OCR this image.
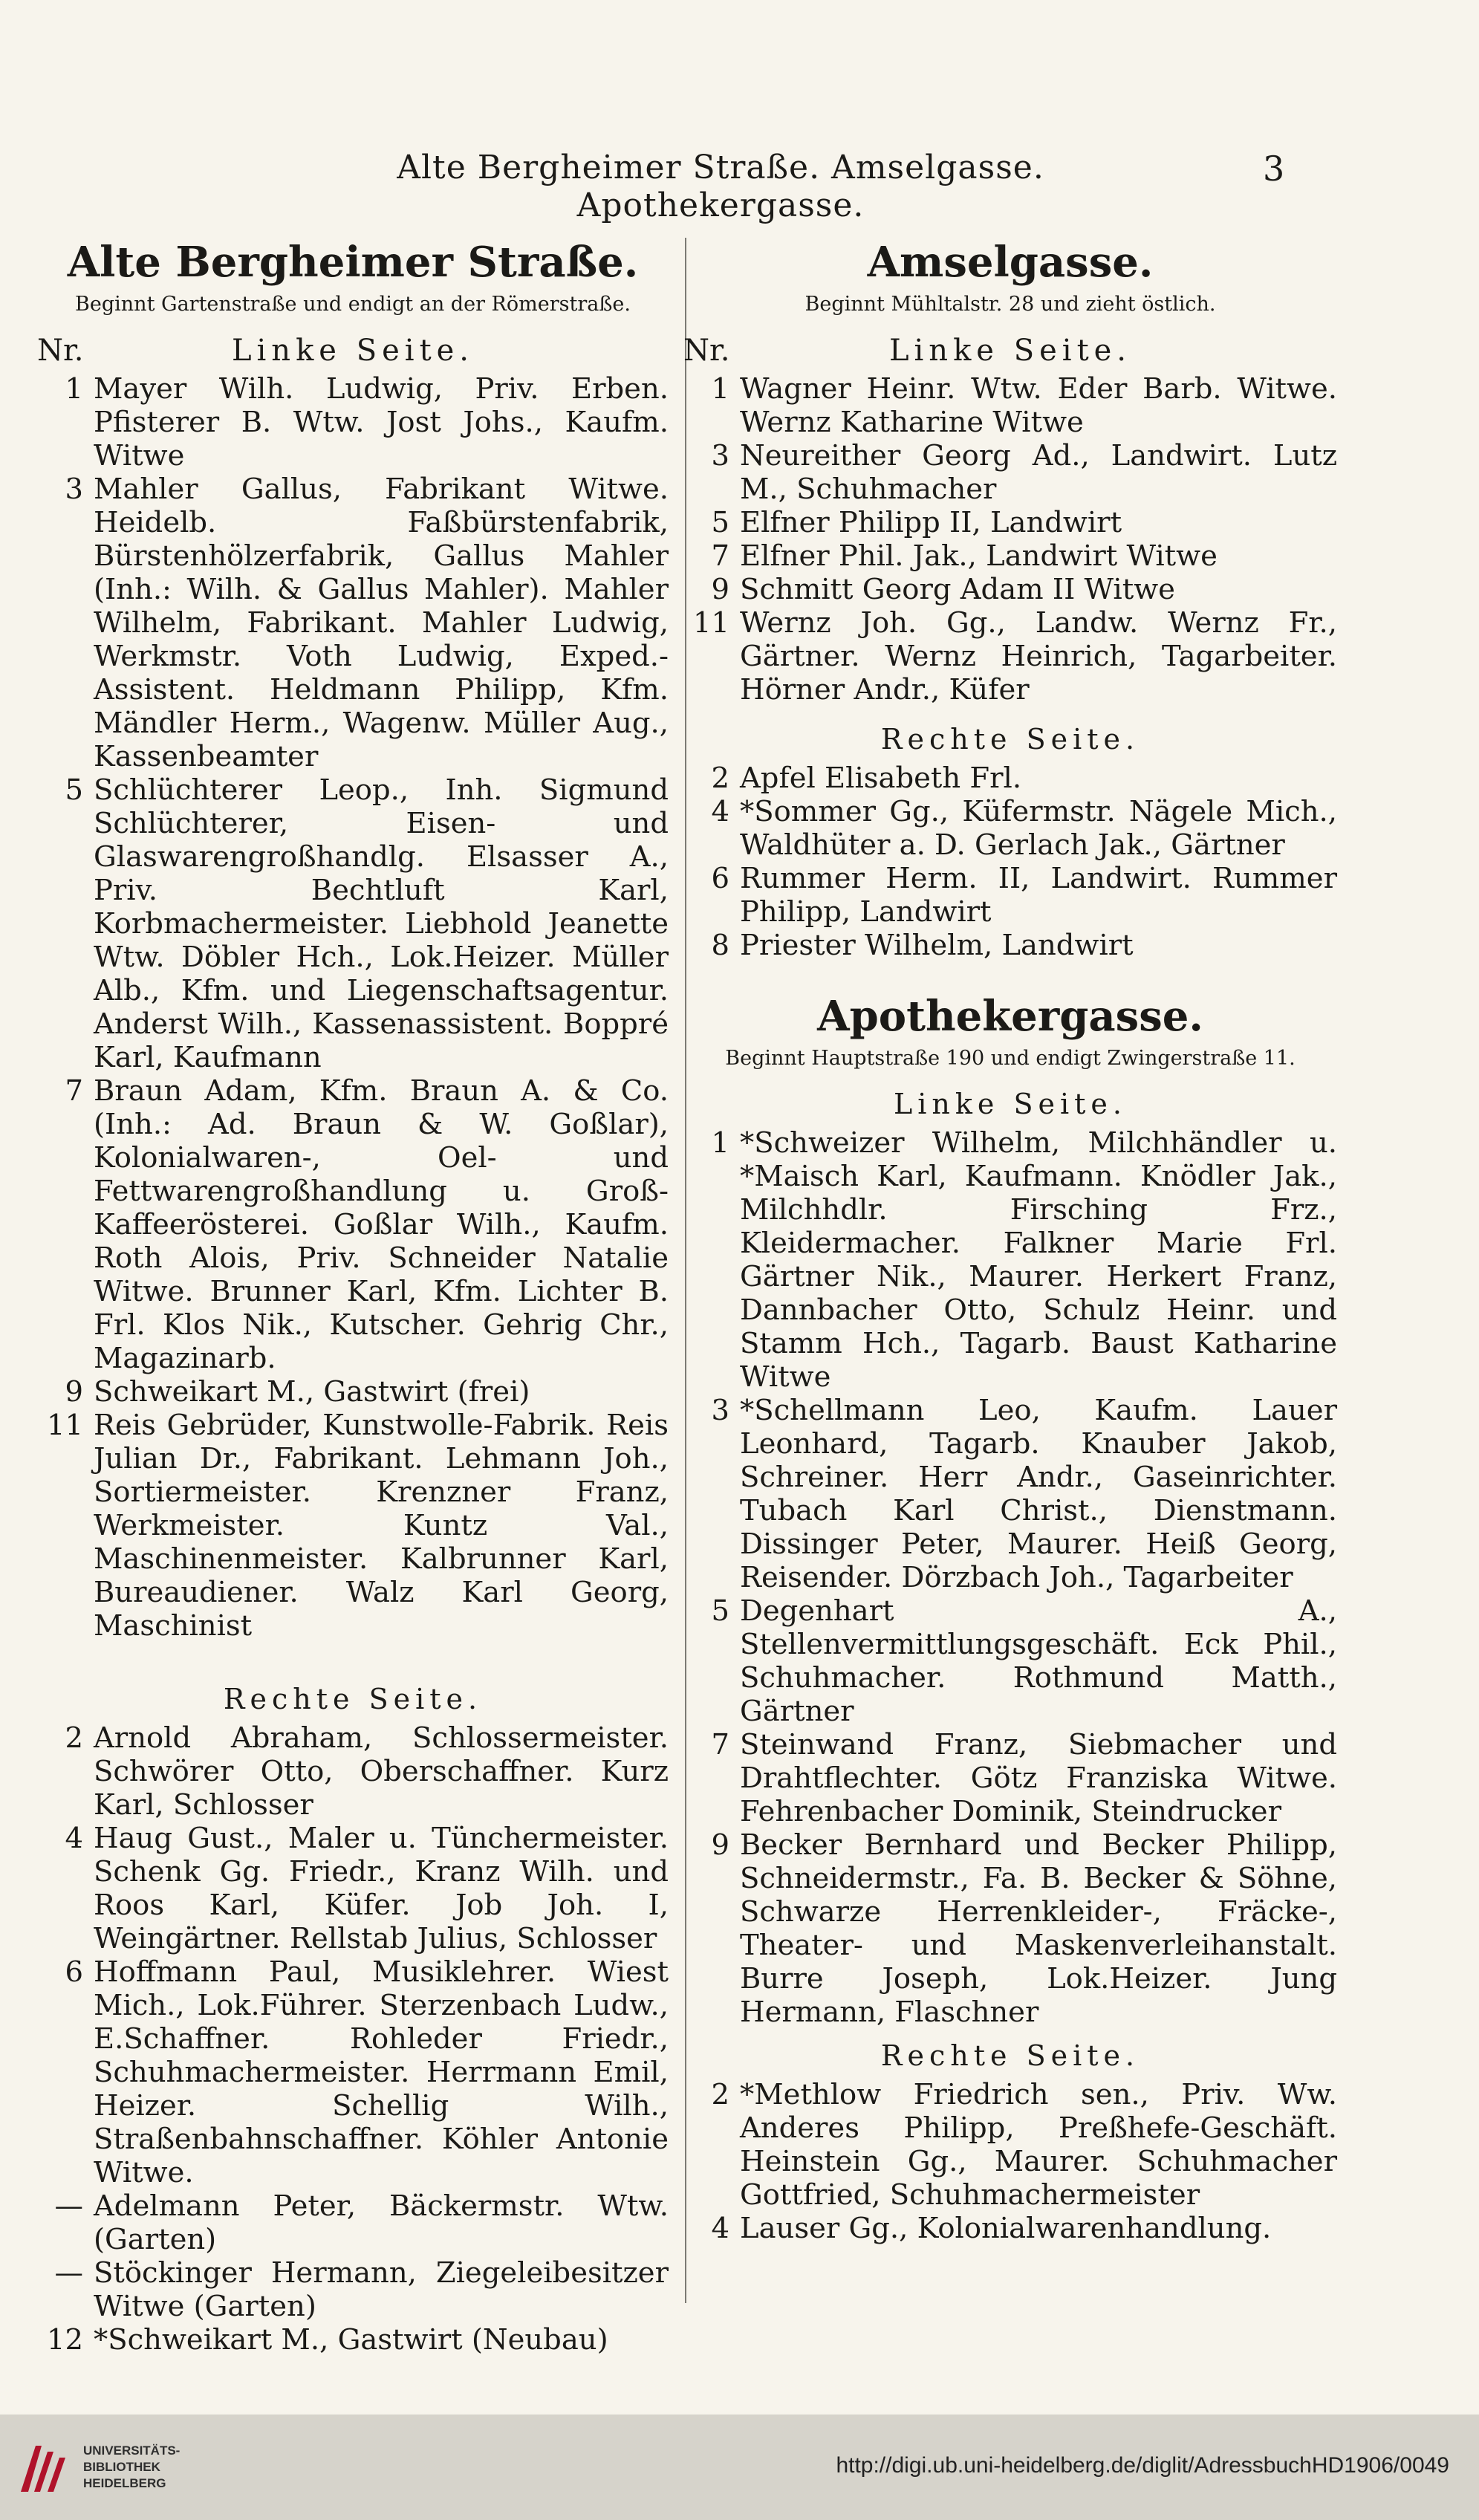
Alte Bergheimer Straße. Amselgasse. Apothekergasse.
3
Alte Bergheimer Straße.
Beginnt Gartenstraße und endigt an der Römerstraße.
Nr.	Linke Seite.
1 Mayer Wilh. Ludwig, Priv. Erben. Pfisterer B. Wtw. Jost Johs., Kaufm. Witwe
3 Mahler Gallus, Fabrikant Witwe. Heidelb. Faßbürstenfabrik, Bürstenhölzerfabrik, Gallus Mahler (Inh.: Wilh. & Gallus Mahler). Mahler Wilhelm, Fabrikant. Mahler Ludwig, Werkmstr. Voth Ludwig, Exped.-Assistent. Heldmann Philipp, Kfm. Mändler Herm., Wagenw. Müller Aug., Kassenbeamter
5 Schlüchterer Leop., Inh. Sigmund Schlüchterer, Eisen- und Glaswarengroßhandlg. Elsasser A., Priv. Bechtluft Karl, Korbmachermeister. Liebhold Jeanette Wtw. Döbler Hch., Lok.Heizer. Müller Alb., Kfm. und Liegenschaftsagentur. Anderst Wilh., Kassenassistent. Boppré Karl, Kaufmann
7 Braun Adam, Kfm. Braun A. & Co. (Inh.: Ad. Braun & W. Goßlar), Kolonialwaren-, Oel- und Fettwarengroßhandlung u. Groß-Kaffeerösterei. Goßlar Wilh., Kaufm. Roth Alois, Priv. Schneider Natalie Witwe. Brunner Karl, Kfm. Lichter B. Frl. Klos Nik., Kutscher. Gehrig Chr., Magazinarb.
9 Schweikart M., Gastwirt (frei)
11 Reis Gebrüder, Kunstwolle-Fabrik. Reis Julian Dr., Fabrikant. Lehmann Joh., Sortiermeister. Krenzner Franz, Werkmeister. Kuntz Val., Maschinenmeister. Kalbrunner Karl, Bureaudiener. Walz Karl Georg, Maschinist
Rechte Seite.
2 Arnold Abraham, Schlossermeister. Schwörer Otto, Oberschaffner. Kurz Karl, Schlosser
4 Haug Gust., Maler u. Tünchermeister. Schenk Gg. Friedr., Kranz Wilh. und Roos Karl, Küfer. Job Joh. I, Weingärtner. Rellstab Julius, Schlosser
6 Hoffmann Paul, Musiklehrer. Wiest Mich., Lok.Führer. Sterzenbach Ludw., E.Schaffner. Rohleder Friedr., Schuhmachermeister. Herrmann Emil, Heizer. Schellig Wilh., Straßenbahnschaffner. Köhler Antonie Witwe.
— Adelmann Peter, Bäckermstr. Wtw. (Garten)
— Stöckinger Hermann, Ziegeleibesitzer Witwe (Garten)
12 *Schweikart M., Gastwirt (Neubau)
Amselgasse.
Beginnt Mühltalstr. 28 und zieht östlich.
Nr.	Linke Seite.
1 Wagner Heinr. Wtw. Eder Barb. Witwe. Wernz Katharine Witwe
3 Neureither Georg Ad., Landwirt. Lutz M., Schuhmacher
5 Elfner Philipp II, Landwirt
7 Elfner Phil. Jak., Landwirt Witwe
9 Schmitt Georg Adam II Witwe
11 Wernz Joh. Gg., Landw. Wernz Fr., Gärtner. Wernz Heinrich, Tagarbeiter. Hörner Andr., Küfer
Rechte Seite.
2 Apfel Elisabeth Frl.
4 *Sommer Gg., Küfermstr. Nägele Mich., Waldhüter a. D. Gerlach Jak., Gärtner
6 Rummer Herm. II, Landwirt. Rummer Philipp, Landwirt
8 Priester Wilhelm, Landwirt
Apothekergasse.
Beginnt Hauptstraße 190 und endigt Zwingerstraße 11.
Linke Seite.
1 *Schweizer Wilhelm, Milchhändler u. *Maisch Karl, Kaufmann. Knödler Jak., Milchhdlr. Firsching Frz., Kleidermacher. Falkner Marie Frl. Gärtner Nik., Maurer. Herkert Franz, Dannbacher Otto, Schulz Heinr. und Stamm Hch., Tagarb. Baust Katharine Witwe
3 *Schellmann Leo, Kaufm. Lauer Leonhard, Tagarb. Knauber Jakob, Schreiner. Herr Andr., Gaseinrichter. Tubach Karl Christ., Dienstmann. Dissinger Peter, Maurer. Heiß Georg, Reisender. Dörzbach Joh., Tagarbeiter
5 Degenhart A., Stellenvermittlungsgeschäft. Eck Phil., Schuhmacher. Rothmund Matth., Gärtner
7 Steinwand Franz, Siebmacher und Drahtflechter. Götz Franziska Witwe. Fehrenbacher Dominik, Steindrucker
9 Becker Bernhard und Becker Philipp, Schneidermstr., Fa. B. Becker & Söhne, Schwarze Herrenkleider-, Fräcke-, Theater- und Maskenverleihanstalt. Burre Joseph, Lok.Heizer. Jung Hermann, Flaschner
Rechte Seite.
2 *Methlow Friedrich sen., Priv. Ww. Anderes Philipp, Preßhefe-Geschäft. Heinstein Gg., Maurer. Schuhmacher Gottfried, Schuhmachermeister
4 Lauser Gg., Kolonialwarenhandlung.
UNIVERSITÄTS-
BIBLIOTHEK
HEIDELBERG
http://digi.ub.uni-heidelberg.de/diglit/AdressbuchHD1906/0049
